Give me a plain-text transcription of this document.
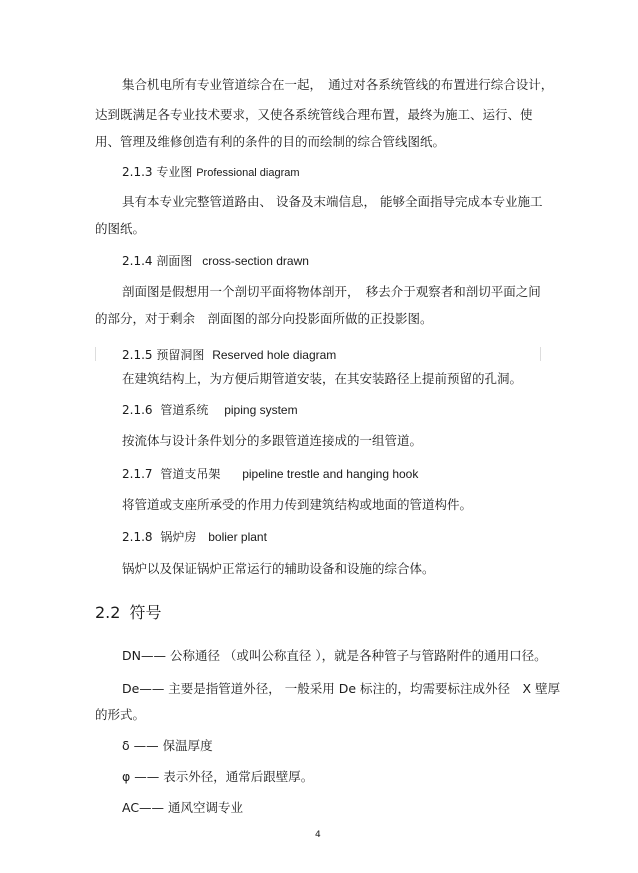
集合机电所有专业管道综合在一起，　通过对各系统管线的布置进行综合设计，
达到既满足各专业技术要求，又使各系统管线合理布置，最终为施工、运行、使
用、管理及维修创造有利的条件的目的而绘制的综合管线图纸。
2.1.3 专业图 Professional diagram
具有本专业完整管道路由、 设备及末端信息， 能够全面指导完成本专业施工
的图纸。
2.1.4 剖面图 cross-section drawn
剖面图是假想用一个剖切平面将物体剖开，　移去介于观察者和剖切平面之间
的部分，对于剩余　剖面图的部分向投影面所做的正投影图。
2.1.5 预留洞图 Reserved hole diagram
在建筑结构上，为方便后期管道安装，在其安装路径上提前预留的孔洞。
2.1.6 管道系统 piping system
按流体与设计条件划分的多跟管道连接成的一组管道。
2.1.7 管道支吊架 pipeline trestle and hanging hook
将管道或支座所承受的作用力传到建筑结构或地面的管道构件。
2.1.8 锅炉房 bolier plant
锅炉以及保证锅炉正常运行的辅助设备和设施的综合体。
2.2 符号
DN—— 公称通径 （或叫公称直径 ），就是各种管子与管路附件的通用口径。
De—— 主要是指管道外径， 一般采用 De 标注的，均需要标注成外径　X 壁厚
的形式。
δ —— 保温厚度
φ —— 表示外径，通常后跟壁厚。
AC—— 通风空调专业
4
